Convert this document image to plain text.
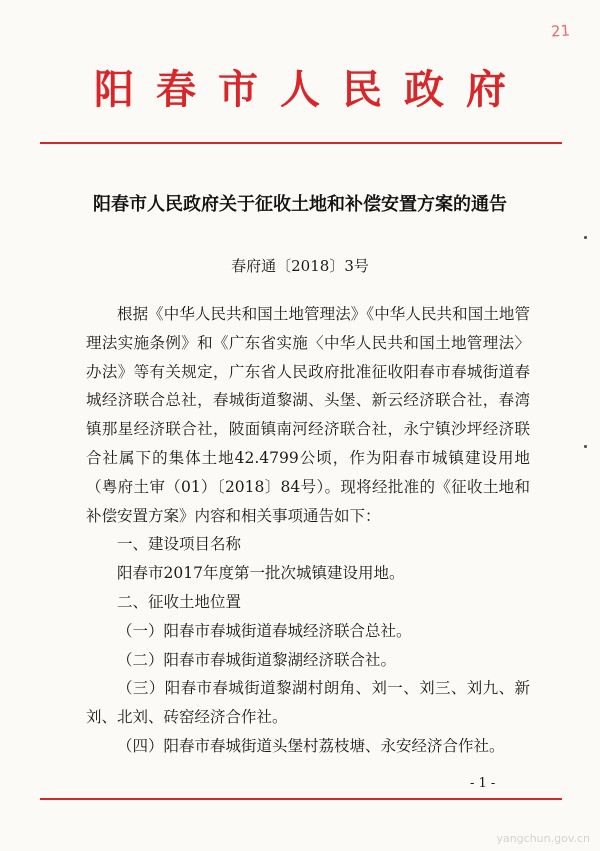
21
阳春市人民政府
阳春市人民政府关于征收土地和补偿安置方案的通告
春府通〔2018〕3号

根据《中华人民共和国土地管理法》《中华人民共和国土地管理法实施条例》和《广东省实施〈中华人民共和国土地管理法〉办法》等有关规定，广东省人民政府批准征收阳春市春城街道春城经济联合总社，春城街道黎湖、头堡、新云经济联合社，春湾镇那星经济联合社，陂面镇南河经济联合社，永宁镇沙坪经济联合社属下的集体土地42.4799公顷，作为阳春市城镇建设用地（粤府土审（01）〔2018〕84号）。现将经批准的《征收土地和补偿安置方案》内容和相关事项通告如下：

一、建设项目名称

阳春市2017年度第一批次城镇建设用地。

二、征收土地位置

（一）阳春市春城街道春城经济联合总社。

（二）阳春市春城街道黎湖经济联合社。

（三）阳春市春城街道黎湖村朗角、刘一、刘三、刘九、新刘、北刘、砖窑经济合作社。

（四）阳春市春城街道头堡村荔枝塘、永安经济合作社。

- 1 -
yangchun.gov.cn
